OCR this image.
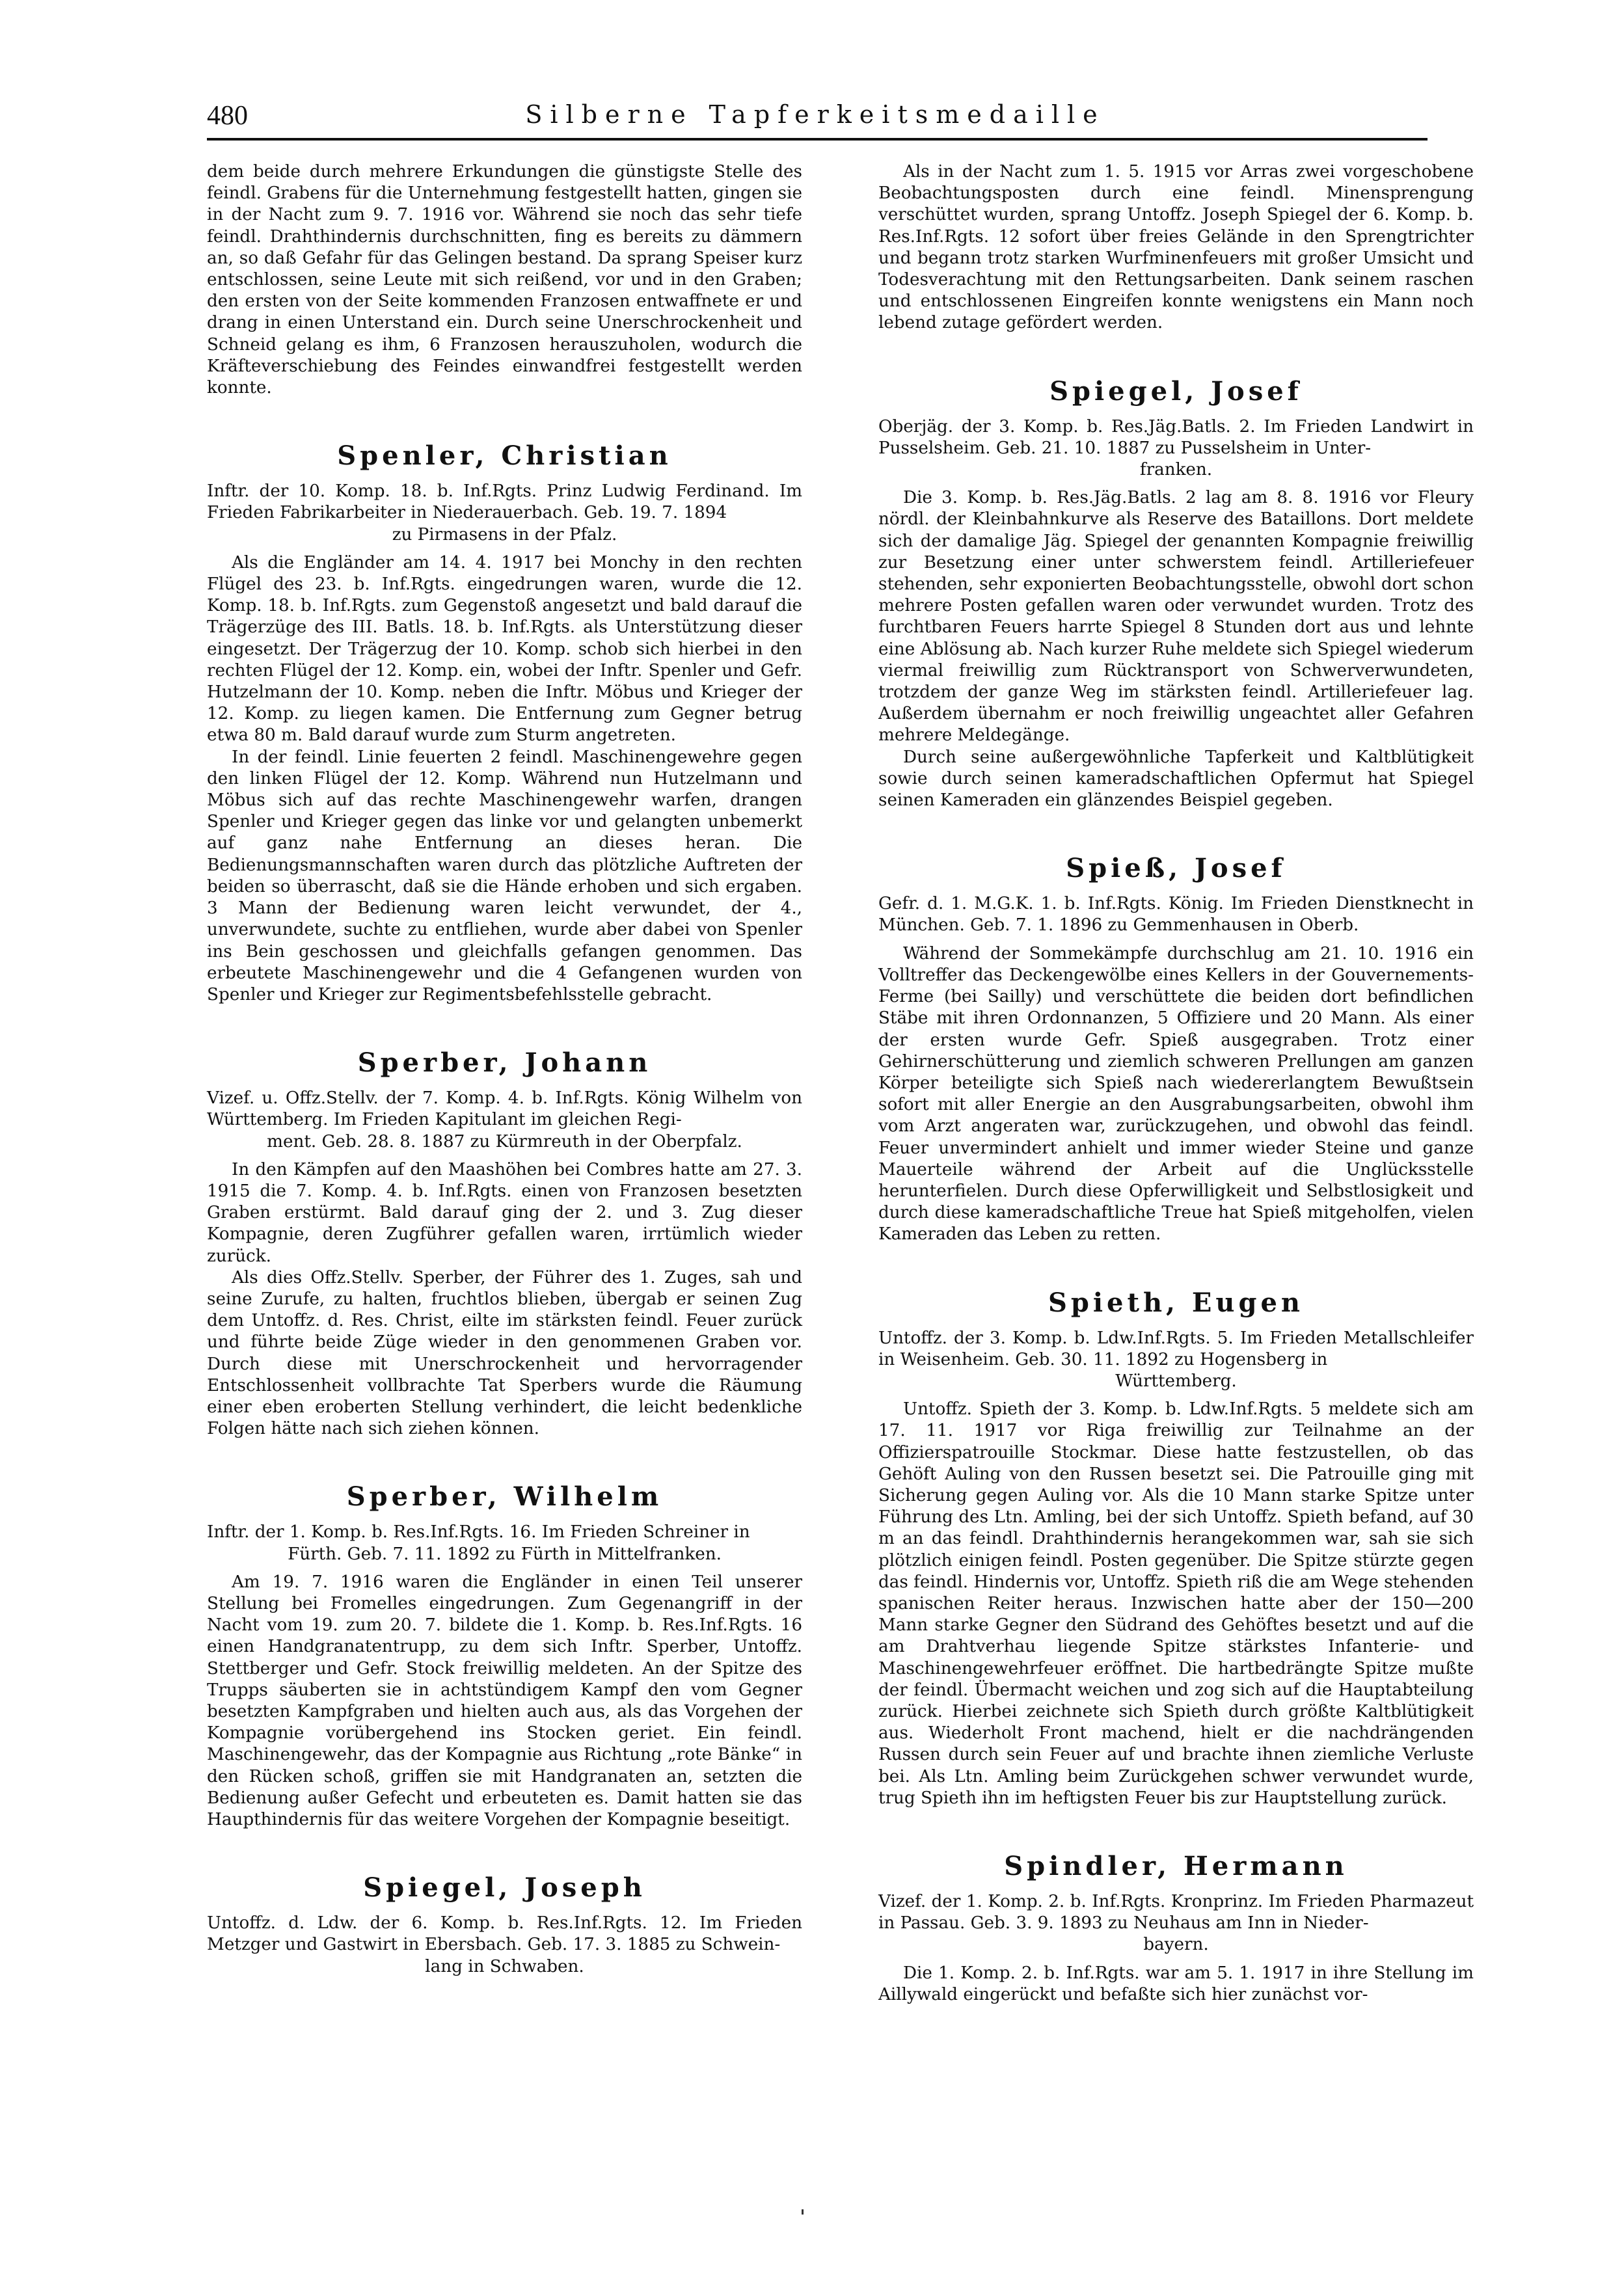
480	Silberne Tapferkeitsmedaille

dem beide durch mehrere Erkundungen die günstigste Stelle des feindl. Grabens für die Unternehmung festgestellt hatten, gingen sie in der Nacht zum 9. 7. 1916 vor. Während sie noch das sehr tiefe feindl. Drahthindernis durchschnitten, fing es bereits zu dämmern an, so daß Gefahr für das Gelingen bestand. Da sprang Speiser kurz entschlossen, seine Leute mit sich reißend, vor und in den Graben; den ersten von der Seite kommenden Franzosen entwaffnete er und drang in einen Unterstand ein. Durch seine Unerschrockenheit und Schneid gelang es ihm, 6 Franzosen herauszuholen, wodurch die Kräfteverschiebung des Feindes einwandfrei festgestellt werden konnte.

Spenler, Christian
Inftr. der 10. Komp. 18. b. Inf.Rgts. Prinz Ludwig Ferdinand. Im Frieden Fabrikarbeiter in Niederauerbach. Geb. 19. 7. 1894
zu Pirmasens in der Pfalz.

Als die Engländer am 14. 4. 1917 bei Monchy in den rechten Flügel des 23. b. Inf.Rgts. eingedrungen waren, wurde die 12. Komp. 18. b. Inf.Rgts. zum Gegenstoß angesetzt und bald darauf die Trägerzüge des III. Batls. 18. b. Inf.Rgts. als Unterstützung dieser eingesetzt. Der Trägerzug der 10. Komp. schob sich hierbei in den rechten Flügel der 12. Komp. ein, wobei der Inftr. Spenler und Gefr. Hutzelmann der 10. Komp. neben die Inftr. Möbus und Krieger der 12. Komp. zu liegen kamen. Die Entfernung zum Gegner betrug etwa 80 m. Bald darauf wurde zum Sturm angetreten.

In der feindl. Linie feuerten 2 feindl. Maschinengewehre gegen den linken Flügel der 12. Komp. Während nun Hutzelmann und Möbus sich auf das rechte Maschinengewehr warfen, drangen Spenler und Krieger gegen das linke vor und gelangten unbemerkt auf ganz nahe Entfernung an dieses heran. Die Bedienungsmannschaften waren durch das plötzliche Auftreten der beiden so überrascht, daß sie die Hände erhoben und sich ergaben. 3 Mann der Bedienung waren leicht verwundet, der 4., unverwundete, suchte zu entfliehen, wurde aber dabei von Spenler ins Bein geschossen und gleichfalls gefangen genommen. Das erbeutete Maschinengewehr und die 4 Gefangenen wurden von Spenler und Krieger zur Regimentsbefehlsstelle gebracht.

Sperber, Johann
Vizef. u. Offz.Stellv. der 7. Komp. 4. b. Inf.Rgts. König Wilhelm von Württemberg. Im Frieden Kapitulant im gleichen Regi-
ment. Geb. 28. 8. 1887 zu Kürmreuth in der Oberpfalz.

In den Kämpfen auf den Maashöhen bei Combres hatte am 27. 3. 1915 die 7. Komp. 4. b. Inf.Rgts. einen von Franzosen besetzten Graben erstürmt. Bald darauf ging der 2. und 3. Zug dieser Kompagnie, deren Zugführer gefallen waren, irrtümlich wieder zurück.

Als dies Offz.Stellv. Sperber, der Führer des 1. Zuges, sah und seine Zurufe, zu halten, fruchtlos blieben, übergab er seinen Zug dem Untoffz. d. Res. Christ, eilte im stärksten feindl. Feuer zurück und führte beide Züge wieder in den genommenen Graben vor. Durch diese mit Unerschrockenheit und hervorragender Entschlossenheit vollbrachte Tat Sperbers wurde die Räumung einer eben eroberten Stellung verhindert, die leicht bedenkliche Folgen hätte nach sich ziehen können.

Sperber, Wilhelm
Inftr. der 1. Komp. b. Res.Inf.Rgts. 16. Im Frieden Schreiner in
Fürth. Geb. 7. 11. 1892 zu Fürth in Mittelfranken.

Am 19. 7. 1916 waren die Engländer in einen Teil unserer Stellung bei Fromelles eingedrungen. Zum Gegenangriff in der Nacht vom 19. zum 20. 7. bildete die 1. Komp. b. Res.Inf.Rgts. 16 einen Handgranatentrupp, zu dem sich Inftr. Sperber, Untoffz. Stettberger und Gefr. Stock freiwillig meldeten. An der Spitze des Trupps säuberten sie in achtstündigem Kampf den vom Gegner besetzten Kampfgraben und hielten auch aus, als das Vorgehen der Kompagnie vorübergehend ins Stocken geriet. Ein feindl. Maschinengewehr, das der Kompagnie aus Richtung „rote Bänke“ in den Rücken schoß, griffen sie mit Handgranaten an, setzten die Bedienung außer Gefecht und erbeuteten es. Damit hatten sie das Haupthindernis für das weitere Vorgehen der Kompagnie beseitigt.

Spiegel, Joseph
Untoffz. d. Ldw. der 6. Komp. b. Res.Inf.Rgts. 12. Im Frieden Metzger und Gastwirt in Ebersbach. Geb. 17. 3. 1885 zu Schwein-
lang in Schwaben.

Als in der Nacht zum 1. 5. 1915 vor Arras zwei vorgeschobene Beobachtungsposten durch eine feindl. Minensprengung verschüttet wurden, sprang Untoffz. Joseph Spiegel der 6. Komp. b. Res.Inf.Rgts. 12 sofort über freies Gelände in den Sprengtrichter und begann trotz starken Wurfminenfeuers mit großer Umsicht und Todesverachtung mit den Rettungsarbeiten. Dank seinem raschen und entschlossenen Eingreifen konnte wenigstens ein Mann noch lebend zutage gefördert werden.

Spiegel, Josef
Oberjäg. der 3. Komp. b. Res.Jäg.Batls. 2. Im Frieden Landwirt in Pusselsheim. Geb. 21. 10. 1887 zu Pusselsheim in Unter-
franken.

Die 3. Komp. b. Res.Jäg.Batls. 2 lag am 8. 8. 1916 vor Fleury nördl. der Kleinbahnkurve als Reserve des Bataillons. Dort meldete sich der damalige Jäg. Spiegel der genannten Kompagnie freiwillig zur Besetzung einer unter schwerstem feindl. Artilleriefeuer stehenden, sehr exponierten Beobachtungsstelle, obwohl dort schon mehrere Posten gefallen waren oder verwundet wurden. Trotz des furchtbaren Feuers harrte Spiegel 8 Stunden dort aus und lehnte eine Ablösung ab. Nach kurzer Ruhe meldete sich Spiegel wiederum viermal freiwillig zum Rücktransport von Schwerverwundeten, trotzdem der ganze Weg im stärksten feindl. Artilleriefeuer lag. Außerdem übernahm er noch freiwillig ungeachtet aller Gefahren mehrere Meldegänge.

Durch seine außergewöhnliche Tapferkeit und Kaltblütigkeit sowie durch seinen kameradschaftlichen Opfermut hat Spiegel seinen Kameraden ein glänzendes Beispiel gegeben.

Spieß, Josef
Gefr. d. 1. M.G.K. 1. b. Inf.Rgts. König. Im Frieden Dienstknecht in München. Geb. 7. 1. 1896 zu Gemmenhausen in Oberb.

Während der Sommekämpfe durchschlug am 21. 10. 1916 ein Volltreffer das Deckengewölbe eines Kellers in der Gouvernements-Ferme (bei Sailly) und verschüttete die beiden dort befindlichen Stäbe mit ihren Ordonnanzen, 5 Offiziere und 20 Mann. Als einer der ersten wurde Gefr. Spieß ausgegraben. Trotz einer Gehirnerschütterung und ziemlich schweren Prellungen am ganzen Körper beteiligte sich Spieß nach wiedererlangtem Bewußtsein sofort mit aller Energie an den Ausgrabungsarbeiten, obwohl ihm vom Arzt angeraten war, zurückzugehen, und obwohl das feindl. Feuer unvermindert anhielt und immer wieder Steine und ganze Mauerteile während der Arbeit auf die Unglücksstelle herunterfielen. Durch diese Opferwilligkeit und Selbstlosigkeit und durch diese kameradschaftliche Treue hat Spieß mitgeholfen, vielen Kameraden das Leben zu retten.

Spieth, Eugen
Untoffz. der 3. Komp. b. Ldw.Inf.Rgts. 5. Im Frieden Metallschleifer in Weisenheim. Geb. 30. 11. 1892 zu Hogensberg in
Württemberg.

Untoffz. Spieth der 3. Komp. b. Ldw.Inf.Rgts. 5 meldete sich am 17. 11. 1917 vor Riga freiwillig zur Teilnahme an der Offizierspatrouille Stockmar. Diese hatte festzustellen, ob das Gehöft Auling von den Russen besetzt sei. Die Patrouille ging mit Sicherung gegen Auling vor. Als die 10 Mann starke Spitze unter Führung des Ltn. Amling, bei der sich Untoffz. Spieth befand, auf 30 m an das feindl. Drahthindernis herangekommen war, sah sie sich plötzlich einigen feindl. Posten gegenüber. Die Spitze stürzte gegen das feindl. Hindernis vor, Untoffz. Spieth riß die am Wege stehenden spanischen Reiter heraus. Inzwischen hatte aber der 150—200 Mann starke Gegner den Südrand des Gehöftes besetzt und auf die am Drahtverhau liegende Spitze stärkstes Infanterie- und Maschinengewehrfeuer eröffnet. Die hartbedrängte Spitze mußte der feindl. Übermacht weichen und zog sich auf die Hauptabteilung zurück. Hierbei zeichnete sich Spieth durch größte Kaltblütigkeit aus. Wiederholt Front machend, hielt er die nachdrängenden Russen durch sein Feuer auf und brachte ihnen ziemliche Verluste bei. Als Ltn. Amling beim Zurückgehen schwer verwundet wurde, trug Spieth ihn im heftigsten Feuer bis zur Hauptstellung zurück.

Spindler, Hermann
Vizef. der 1. Komp. 2. b. Inf.Rgts. Kronprinz. Im Frieden Pharmazeut in Passau. Geb. 3. 9. 1893 zu Neuhaus am Inn in Nieder-
bayern.

Die 1. Komp. 2. b. Inf.Rgts. war am 5. 1. 1917 in ihre Stellung im Aillywald eingerückt und befaßte sich hier zunächst vor-
